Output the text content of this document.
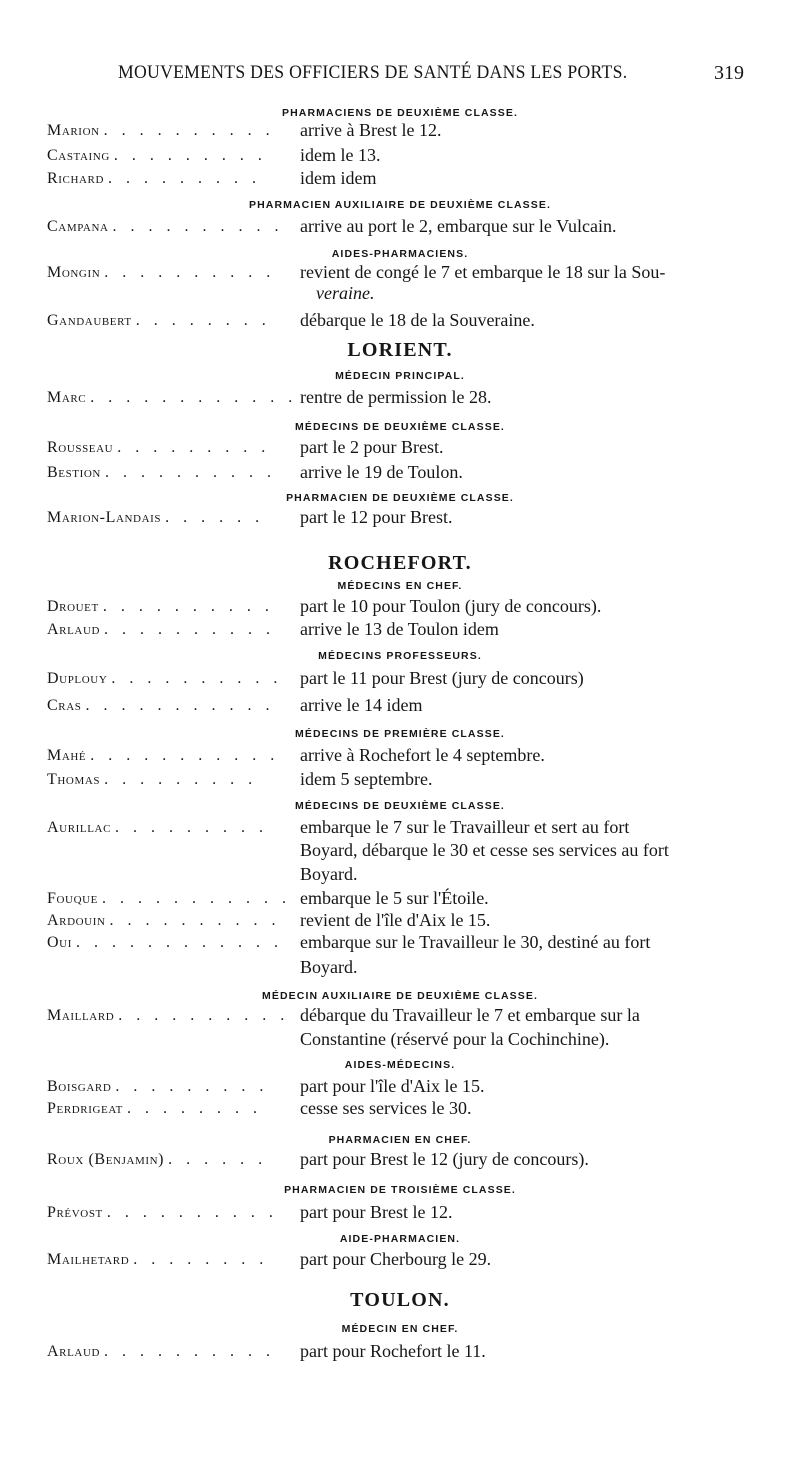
MOUVEMENTS DES OFFICIERS DE SANTÉ DANS LES PORTS.	319
PHARMACIENS DE DEUXIÈME CLASSE.
Marion . . . . . . . . . . arrive à Brest le 12.
Castaing . . . . . . . . . idem le 13.
Richard . . . . . . . . . idem idem
PHARMACIEN AUXILIAIRE DE DEUXIÈME CLASSE.
Campana . . . . . . . . . . arrive au port le 2, embarque sur le Vulcain.
AIDES-PHARMACIENS.
Mongin . . . . . . . . . . revient de congé le 7 et embarque le 18 sur la Sou-
veraine.
Gandaubert . . . . . . . . débarque le 18 de la Souveraine.
LORIENT.
MÉDECIN PRINCIPAL.
Marc . . . . . . . . . . . . rentre de permission le 28.
MÉDECINS DE DEUXIÈME CLASSE.
Rousseau . . . . . . . . . part le 2 pour Brest.
Bestion . . . . . . . . . . arrive le 19 de Toulon.
PHARMACIEN DE DEUXIÈME CLASSE.
Marion-Landais . . . . . . part le 12 pour Brest.
ROCHEFORT.
MÉDECINS EN CHEF.
Drouet . . . . . . . . . . part le 10 pour Toulon (jury de concours).
Arlaud . . . . . . . . . . arrive le 13 de Toulon idem
MÉDECINS PROFESSEURS.
Duplouy . . . . . . . . . . part le 11 pour Brest (jury de concours)
Cras . . . . . . . . . . . arrive le 14 idem
MÉDECINS DE PREMIÈRE CLASSE.
Mahé . . . . . . . . . . . arrive à Rochefort le 4 septembre.
Thomas . . . . . . . . . idem 5 septembre.
MÉDECINS DE DEUXIÈME CLASSE.
Aurillac . . . . . . . . . embarque le 7 sur le Travailleur et sert au fort
Boyard, débarque le 30 et cesse ses services au fort
Boyard.
Fouque . . . . . . . . . . . embarque le 5 sur l'Étoile.
Ardouin . . . . . . . . . . revient de l'île d'Aix le 15.
Oui . . . . . . . . . . . . embarque sur le Travailleur le 30, destiné au fort
Boyard.
MÉDECIN AUXILIAIRE DE DEUXIÈME CLASSE.
Maillard . . . . . . . . . . débarque du Travailleur le 7 et embarque sur la
Constantine (réservé pour la Cochinchine).
AIDES-MÉDECINS.
Boisgard . . . . . . . . . part pour l'île d'Aix le 15.
Perdrigeat . . . . . . . . cesse ses services le 30.
PHARMACIEN EN CHEF.
Roux (Benjamin) . . . . . . part pour Brest le 12 (jury de concours).
PHARMACIEN DE TROISIÈME CLASSE.
Prévost . . . . . . . . . . part pour Brest le 12.
AIDE-PHARMACIEN.
Mailhetard . . . . . . . . part pour Cherbourg le 29.
TOULON.
MÉDECIN EN CHEF.
Arlaud . . . . . . . . . . part pour Rochefort le 11.
